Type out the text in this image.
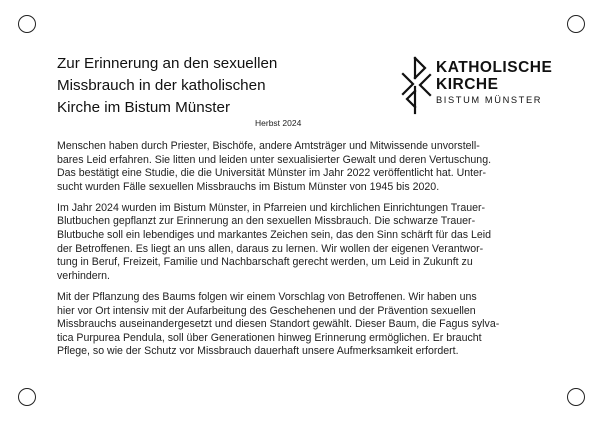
Zur Erinnerung an den sexuellen
Missbrauch in der katholischen
Kirche im Bistum Münster
Herbst 2024
KATHOLISCHE
KIRCHE
BISTUM MÜNSTER
Menschen haben durch Priester, Bischöfe, andere Amtsträger und Mitwissende unvorstell-
bares Leid erfahren. Sie litten und leiden unter sexualisierter Gewalt und deren Vertuschung.
Das bestätigt eine Studie, die die Universität Münster im Jahr 2022 veröffentlicht hat. Unter-
sucht wurden Fälle sexuellen Missbrauchs im Bistum Münster von 1945 bis 2020.
Im Jahr 2024 wurden im Bistum Münster, in Pfarreien und kirchlichen Einrichtungen Trauer-
Blutbuchen gepflanzt zur Erinnerung an den sexuellen Missbrauch. Die schwarze Trauer-
Blutbuche soll ein lebendiges und markantes Zeichen sein, das den Sinn schärft für das Leid
der Betroffenen. Es liegt an uns allen, daraus zu lernen. Wir wollen der eigenen Verantwor-
tung in Beruf, Freizeit, Familie und Nachbarschaft gerecht werden, um Leid in Zukunft zu
verhindern.
Mit der Pflanzung des Baums folgen wir einem Vorschlag von Betroffenen. Wir haben uns
hier vor Ort intensiv mit der Aufarbeitung des Geschehenen und der Prävention sexuellen
Missbrauchs auseinandergesetzt und diesen Standort gewählt. Dieser Baum, die Fagus sylva-
tica Purpurea Pendula, soll über Generationen hinweg Erinnerung ermöglichen. Er braucht
Pflege, so wie der Schutz vor Missbrauch dauerhaft unsere Aufmerksamkeit erfordert.
